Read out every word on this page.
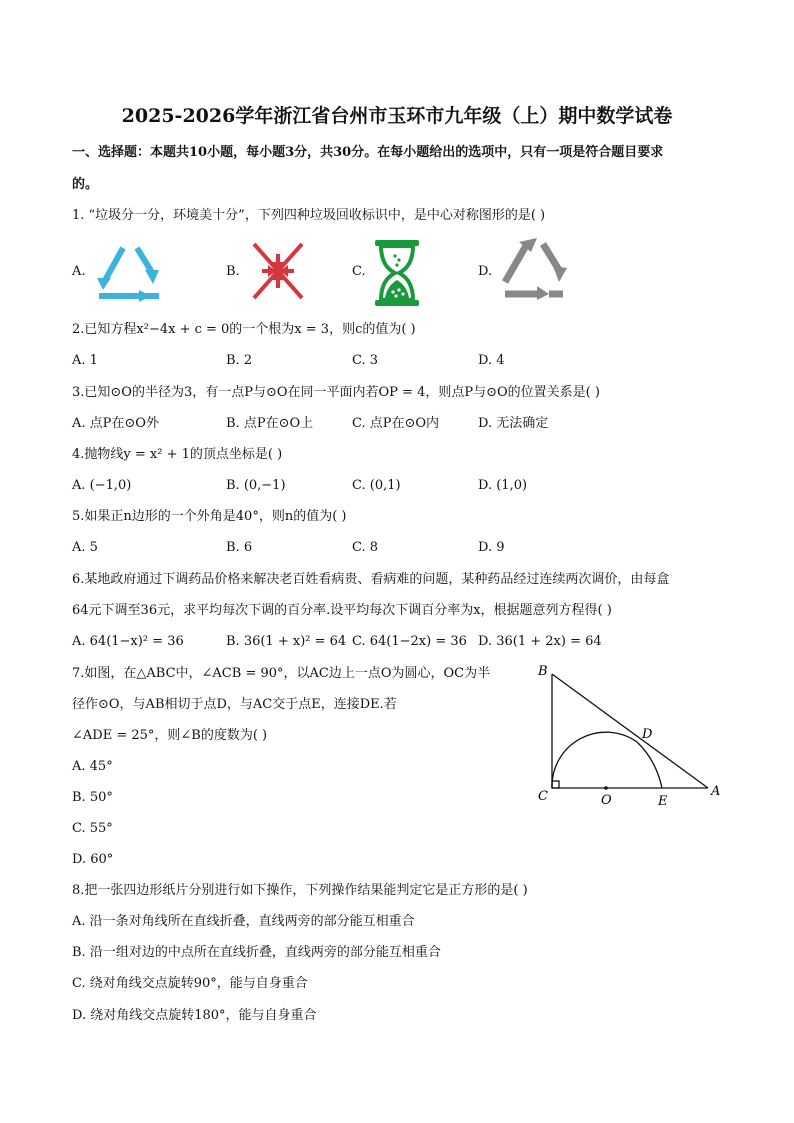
2025-2026学年浙江省台州市玉环市九年级（上）期中数学试卷
一、选择题：本题共10小题，每小题3分，共30分。在每小题给出的选项中，只有一项是符合题目要求
的。
1. “垃圾分一分，环境美十分”，下列四种垃圾回收标识中，是中心对称图形的是( )
A.	B.	C.	D.
2.已知方程x²−4x + c = 0的一个根为x = 3，则c的值为( )
A. 1	B. 2	C. 3	D. 4
3.已知⊙O的半径为3，有一点P与⊙O在同一平面内若OP = 4，则点P与⊙O的位置关系是( )
A. 点P在⊙O外	B. 点P在⊙O上	C. 点P在⊙O内	D. 无法确定
4.抛物线y = x² + 1的顶点坐标是( )
A. (−1,0)	B. (0,−1)	C. (0,1)	D. (1,0)
5.如果正n边形的一个外角是40°，则n的值为( )
A. 5	B. 6	C. 8	D. 9
6.某地政府通过下调药品价格来解决老百姓看病贵、看病难的问题，某种药品经过连续两次调价，由每盒
64元下调至36元，求平均每次下调的百分率.设平均每次下调百分率为x，根据题意列方程得( )
A. 64(1−x)² = 36	B. 36(1 + x)² = 64 C. 64(1−2x) = 36 D. 36(1 + 2x) = 64
7.如图，在△ABC中，∠ACB = 90°，以AC边上一点O为圆心，OC为半
径作⊙O，与AB相切于点D，与AC交于点E，连接DE.若
∠ADE = 25°，则∠B的度数为( )
A. 45°
B. 50°
C. 55°
D. 60°
B
D
C	O	E
A
8.把一张四边形纸片分别进行如下操作，下列操作结果能判定它是正方形的是( )
A. 沿一条对角线所在直线折叠，直线两旁的部分能互相重合
B. 沿一组对边的中点所在直线折叠，直线两旁的部分能互相重合
C. 绕对角线交点旋转90°，能与自身重合
D. 绕对角线交点旋转180°，能与自身重合
